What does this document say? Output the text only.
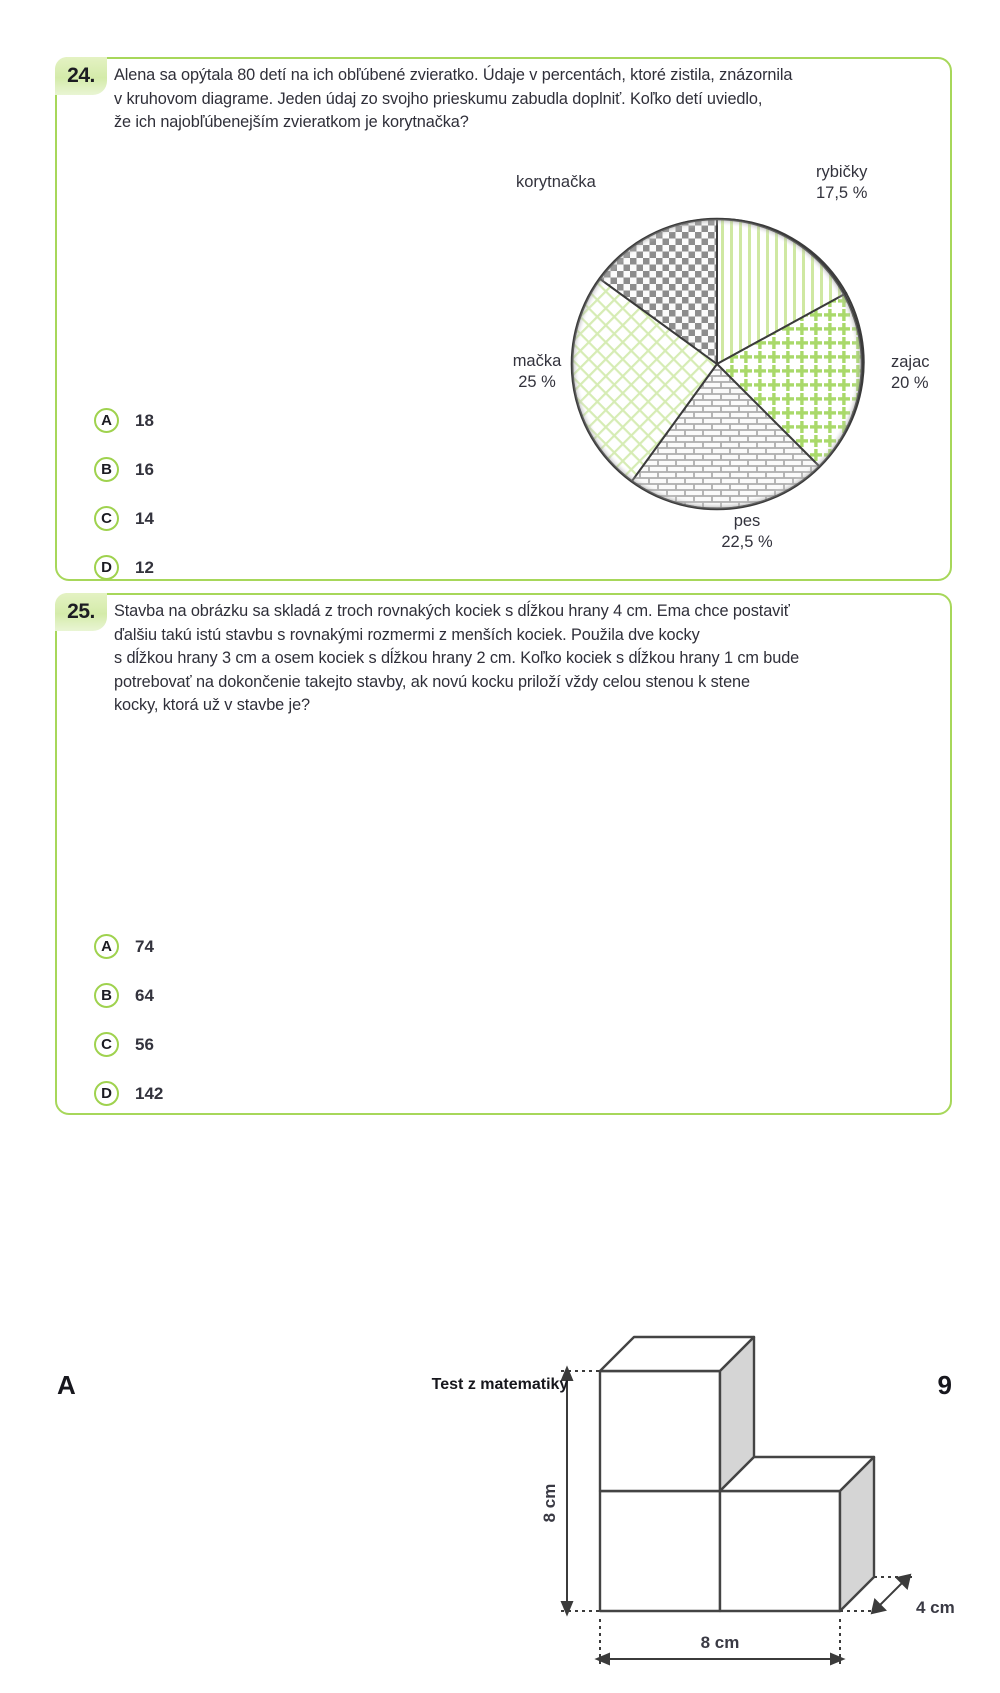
24.	Alena sa opýtala 80 detí na ich obľúbené zvieratko. Údaje v percentách, ktoré zistila, znázornila
v kruhovom diagrame. Jeden údaj zo svojho prieskumu zabudla doplniť. Koľko detí uviedlo,
že ich najobľúbenejším zvieratkom je korytnačka?
korytnačka
rybičky
17,5 %
zajac
20 %
pes
22,5 %
mačka
25 %
A	18
B	16
C	14
D	12
25.	Stavba na obrázku sa skladá z troch rovnakých kociek s dĺžkou hrany 4 cm. Ema chce postaviť
ďalšiu takú istú stavbu s rovnakými rozmermi z menších kociek. Použila dve kocky
s dĺžkou hrany 3 cm a osem kociek s dĺžkou hrany 2 cm. Koľko kociek s dĺžkou hrany 1 cm bude
potrebovať na dokončenie takejto stavby, ak novú kocku priloží vždy celou stenou k stene
kocky, ktorá už v stavbe je?
8 cm
8 cm
4 cm
A	74
B	64
C	56
D	142
A	Test z matematiky	9
